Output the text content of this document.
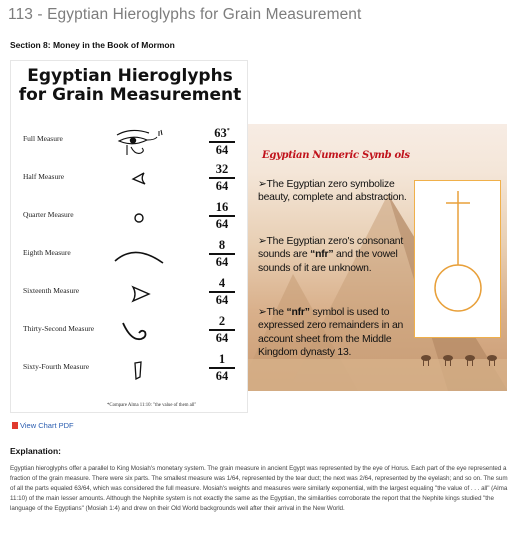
113 - Egyptian Hieroglyphs for Grain Measurement
Section 8: Money in the Book of Mormon
Egyptian Hieroglyphs
for Grain Measurement
Full Measure	63*
64
Half Measure
32
64
Quarter Measure
16
64
Eighth Measure
8
64
Sixteenth Measure
4
64
Thirty-Second Measure
2
64
Sixty-Fourth Measure
1
64
*Compare Alma 11:10: "the value of them all"
Egyptian Numeric Symb ols
➢The Egyptian zero symbolize beauty, complete and abstraction.
➢The Egyptian zero's consonant sounds are “nfr” and the vowel sounds of it are unknown.
➢The “nfr” symbol is used to expressed zero remainders in an account sheet from the Middle Kingdom dynasty 13.
View Chart PDF
Explanation:

Egyptian hieroglyphs offer a parallel to King Mosiah's monetary system. The grain measure in ancient Egypt was represented by the eye of Horus. Each part of the eye represented a fraction of the grain measure. There were six parts. The smallest measure was 1/64, represented by the tear duct; the next was 2/64, represented by the eyelash; and so on. The sum of all the parts equaled 63/64, which was considered the full measure. Mosiah's weights and measures were similarly exponential, with the largest equaling "the value of . . . all" (Alma 11:10) of the main lesser amounts. Although the Nephite system is not exactly the same as the Egyptian, the similarities corroborate the report that the Nephite kings studied "the language of the Egyptians" (Mosiah 1:4) and drew on their Old World backgrounds well after their arrival in the New World.
